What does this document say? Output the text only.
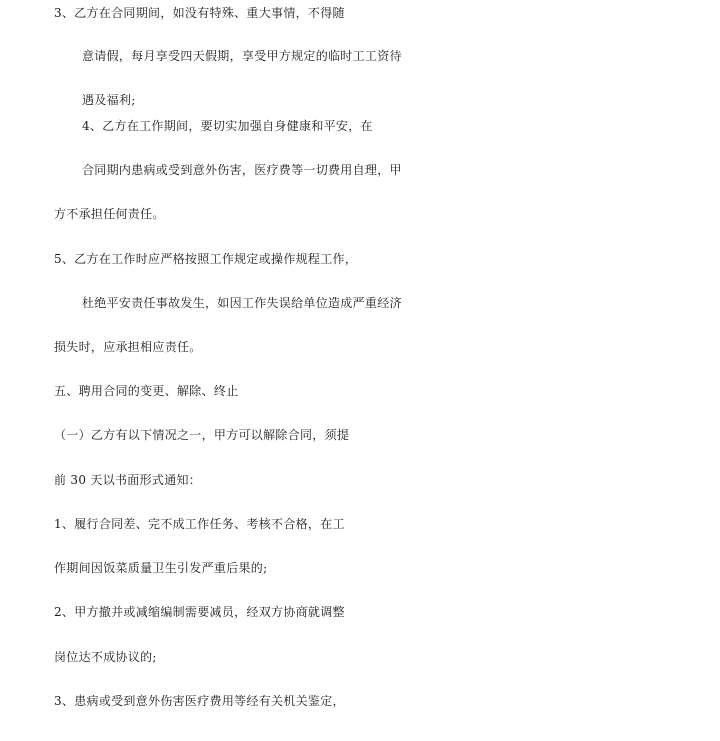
3、乙方在合同期间，如没有特殊、重大事情，不得随
意请假，每月享受四天假期，享受甲方规定的临时工工资待
遇及福利;
4、乙方在工作期间，要切实加强自身健康和平安，在
合同期内患病或受到意外伤害，医疗费等一切费用自理，甲
方不承担任何责任。
5、乙方在工作时应严格按照工作规定或操作规程工作，
杜绝平安责任事故发生，如因工作失误给单位造成严重经济
损失时，应承担相应责任。
五、聘用合同的变更、解除、终止
（一）乙方有以下情况之一，甲方可以解除合同，须提
前 30 天以书面形式通知：
1、履行合同差、完不成工作任务、考核不合格，在工
作期间因饭菜质量卫生引发严重后果的;
2、甲方撤并或减缩编制需要减员，经双方协商就调整
岗位达不成协议的;
3、患病或受到意外伤害医疗费用等经有关机关鉴定，
